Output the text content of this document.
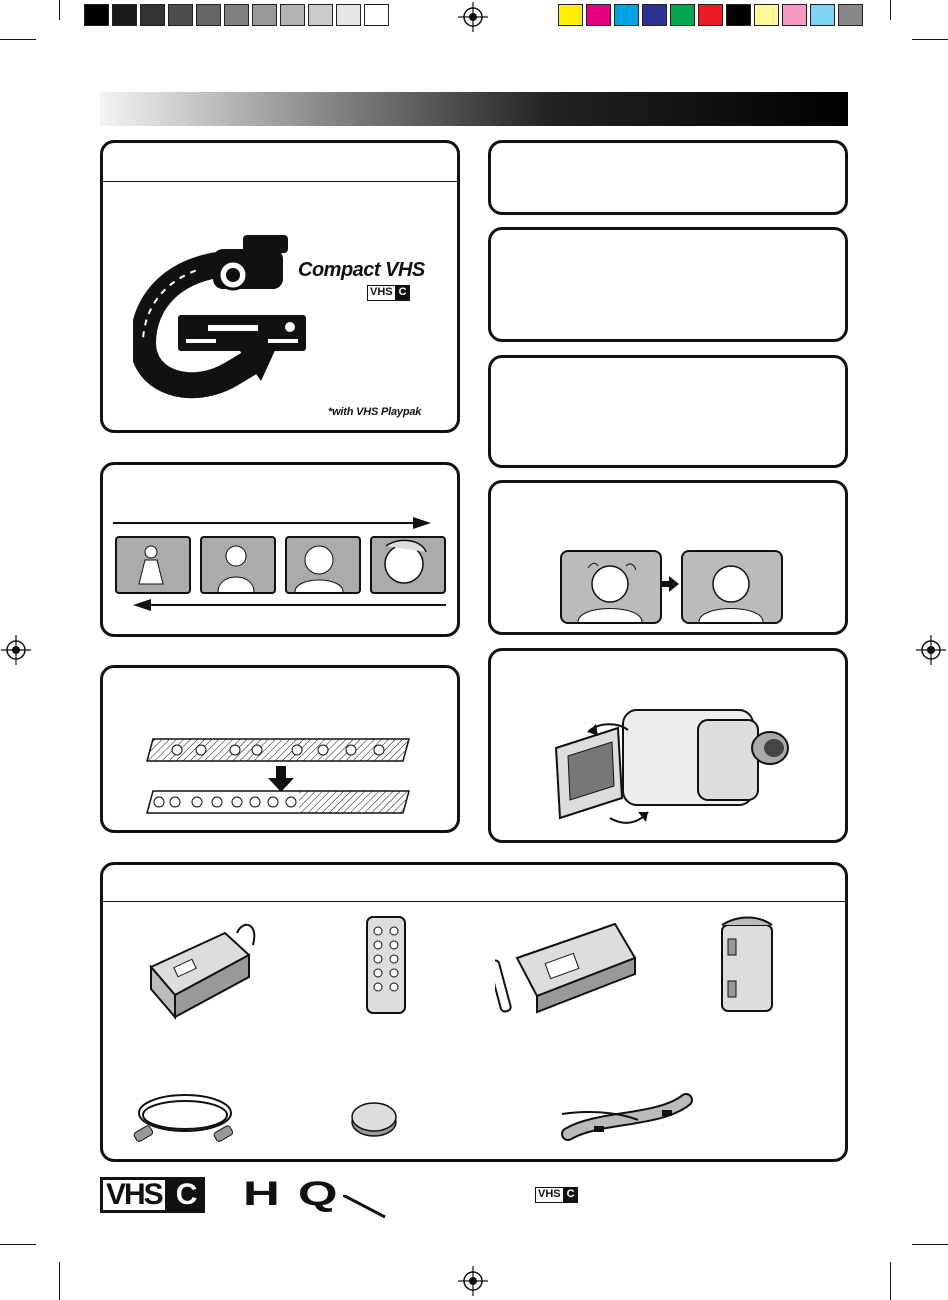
Compact VHS
VHS C
*with VHS Playpak
VHS C HQ	VHS C
